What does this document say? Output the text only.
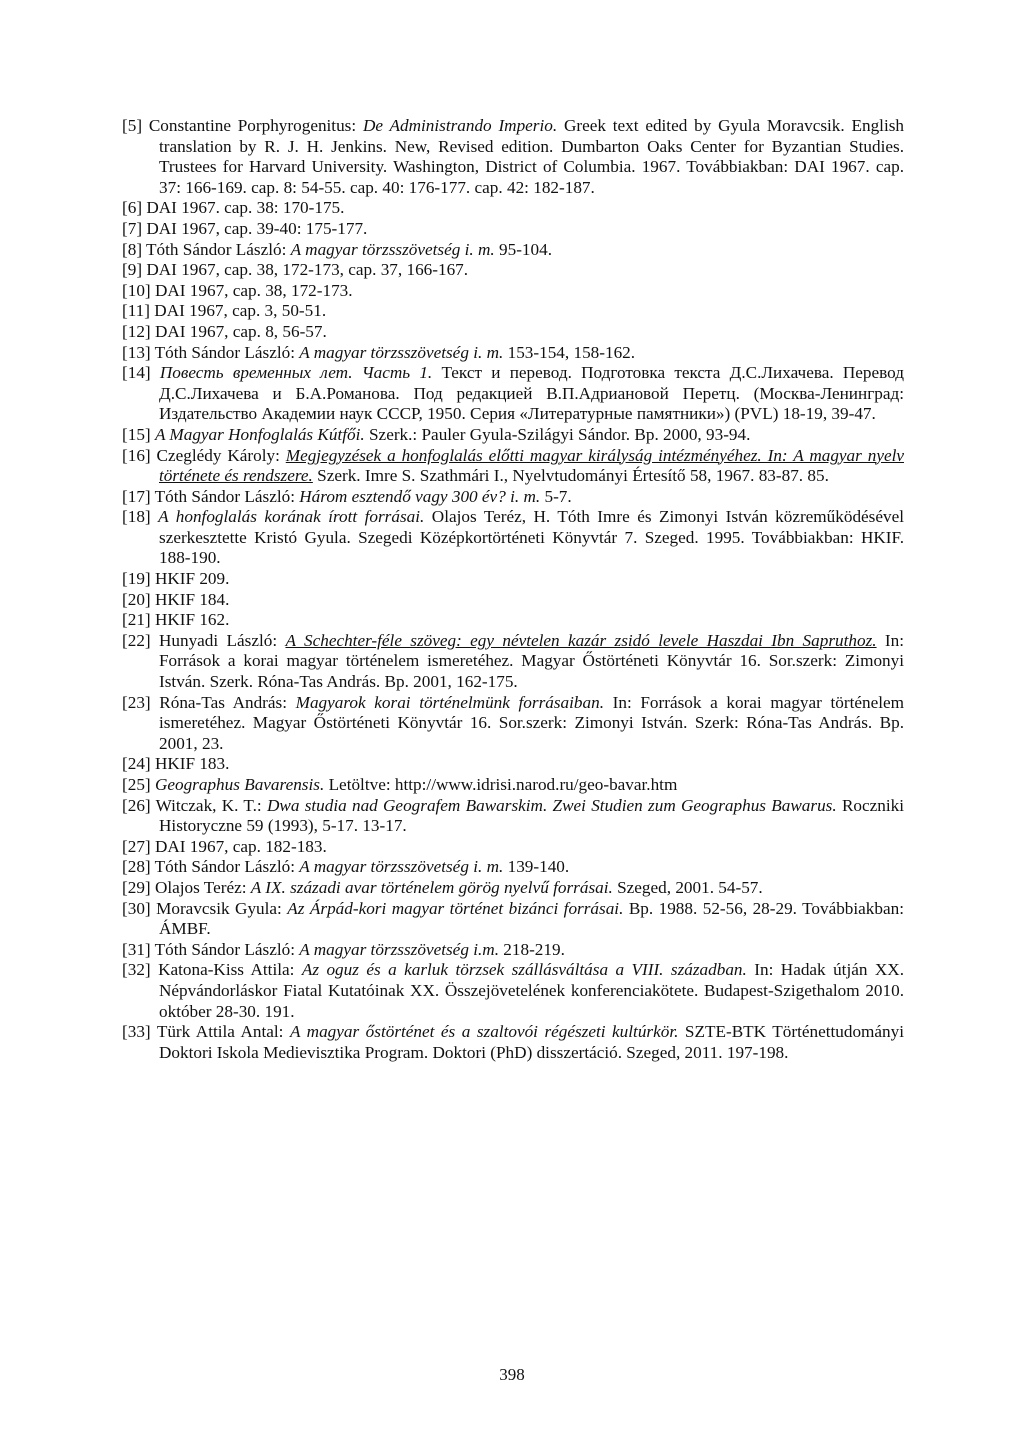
[5] Constantine Porphyrogenitus: De Administrando Imperio. Greek text edited by Gyula Moravcsik. English translation by R. J. H. Jenkins. New, Revised edition. Dumbarton Oaks Center for Byzantian Studies. Trustees for Harvard University. Washington, District of Columbia. 1967. Továbbiakban: DAI 1967. cap. 37: 166-169. cap. 8: 54-55. cap. 40: 176-177. cap. 42: 182-187.
[6] DAI 1967. cap. 38: 170-175.
[7] DAI 1967, cap. 39-40: 175-177.
[8] Tóth Sándor László: A magyar törzsszövetség i. m. 95-104.
[9] DAI 1967, cap. 38, 172-173, cap. 37, 166-167.
[10] DAI 1967, cap. 38, 172-173.
[11] DAI 1967, cap. 3, 50-51.
[12] DAI 1967, cap. 8, 56-57.
[13] Tóth Sándor László: A magyar törzsszövetség i. m. 153-154, 158-162.
[14] Повесть временных лет. Часть 1. Текст и перевод. Подготовка текста Д.С.Лихачева. Перевод Д.С.Лихачева и Б.А.Романова. Под редакцией В.П.Адриановой Перетц. (Москва-Ленинград: Издательство Академии наук СССР, 1950. Серия «Литературные памятники») (PVL) 18-19, 39-47.
[15] A Magyar Honfoglalás Kútfői. Szerk.: Pauler Gyula-Szilágyi Sándor. Bp. 2000, 93-94.
[16] Czeglédy Károly: Megjegyzések a honfoglalás előtti magyar királyság intézményéhez. In: A magyar nyelv története és rendszere. Szerk. Imre S. Szathmári I., Nyelvtudományi Értesítő 58, 1967. 83-87. 85.
[17] Tóth Sándor László: Három esztendő vagy 300 év? i. m. 5-7.
[18] A honfoglalás korának írott forrásai. Olajos Teréz, H. Tóth Imre és Zimonyi István közreműködésével szerkesztette Kristó Gyula. Szegedi Középkortörténeti Könyvtár 7. Szeged. 1995. Továbbiakban: HKIF. 188-190.
[19] HKIF 209.
[20] HKIF 184.
[21] HKIF 162.
[22] Hunyadi László: A Schechter-féle szöveg: egy névtelen kazár zsidó levele Haszdai Ibn Sapruthoz. In: Források a korai magyar történelem ismeretéhez. Magyar Őstörténeti Könyvtár 16. Sor.szerk: Zimonyi István. Szerk. Róna-Tas András. Bp. 2001, 162-175.
[23] Róna-Tas András: Magyarok korai történelmünk forrásaiban. In: Források a korai magyar történelem ismeretéhez. Magyar Őstörténeti Könyvtár 16. Sor.szerk: Zimonyi István. Szerk: Róna-Tas András. Bp. 2001, 23.
[24] HKIF 183.
[25] Geographus Bavarensis. Letöltve: http://www.idrisi.narod.ru/geo-bavar.htm
[26] Witczak, K. T.: Dwa studia nad Geografem Bawarskim. Zwei Studien zum Geographus Bawarus. Roczniki Historyczne 59 (1993), 5-17. 13-17.
[27] DAI 1967, cap. 182-183.
[28] Tóth Sándor László: A magyar törzsszövetség i. m. 139-140.
[29] Olajos Teréz: A IX. századi avar történelem görög nyelvű forrásai. Szeged, 2001. 54-57.
[30] Moravcsik Gyula: Az Árpád-kori magyar történet bizánci forrásai. Bp. 1988. 52-56, 28-29. Továbbiakban: ÁMBF.
[31] Tóth Sándor László: A magyar törzsszövetség i.m. 218-219.
[32] Katona-Kiss Attila: Az oguz és a karluk törzsek szállásváltása a VIII. században. In: Hadak útján XX. Népvándorláskor Fiatal Kutatóinak XX. Összejövetelének konferenciakötete. Budapest-Szigethalom 2010. október 28-30. 191.
[33] Türk Attila Antal: A magyar őstörténet és a szaltovói régészeti kultúrkör. SZTE-BTK Történettudományi Doktori Iskola Medievisztika Program. Doktori (PhD) disszertáció. Szeged, 2011. 197-198.
398
